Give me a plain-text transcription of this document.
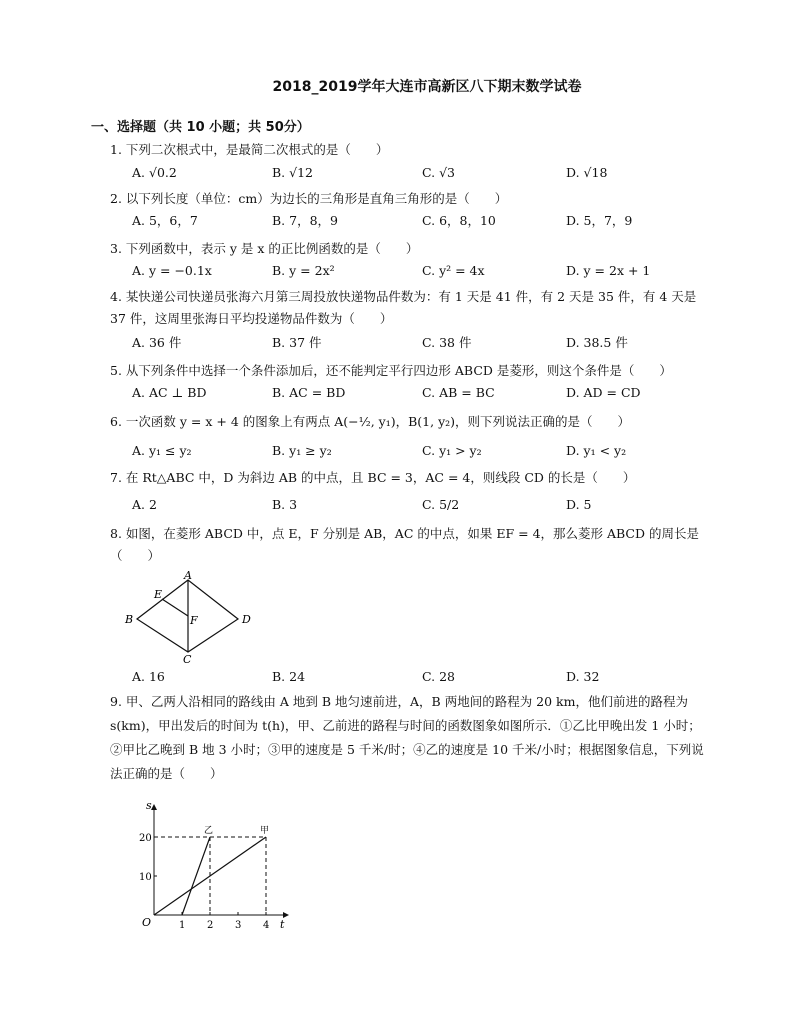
2018_2019学年大连市高新区八下期末数学试卷
一、选择题（共 10 小题；共 50分）
1. 下列二次根式中，是最简二次根式的是（　　）
A. √0.2	B. √12	C. √3	D. √18
2. 以下列长度（单位：cm）为边长的三角形是直角三角形的是（　　）
A. 5，6，7	B. 7，8，9	C. 6，8，10	D. 5，7，9
3. 下列函数中，表示 y 是 x 的正比例函数的是（　　）
A. y = −0.1x	B. y = 2x²	C. y² = 4x	D. y = 2x + 1
4. 某快递公司快递员张海六月第三周投放快递物品件数为：有 1 天是 41 件，有 2 天是 35 件，有 4 天是 37 件，这周里张海日平均投递物品件数为（　　）
A. 36 件	B. 37 件	C. 38 件	D. 38.5 件
5. 从下列条件中选择一个条件添加后，还不能判定平行四边形 ABCD 是菱形，则这个条件是（　　）
A. AC ⊥ BD	B. AC = BD	C. AB = BC	D. AD = CD
6. 一次函数 y = x + 4 的图象上有两点 A(−½, y₁)，B(1, y₂)，则下列说法正确的是（　　）
A. y₁ ≤ y₂	B. y₁ ≥ y₂	C. y₁ > y₂	D. y₁ < y₂
7. 在 Rt△ABC 中，D 为斜边 AB 的中点，且 BC = 3，AC = 4，则线段 CD 的长是（　　）
A. 2	B. 3	C. 5/2	D. 5
8. 如图，在菱形 ABCD 中，点 E，F 分别是 AB，AC 的中点，如果 EF = 4，那么菱形 ABCD 的周长是（　　）
A
B
C
D
E
F
A. 16	B. 24	C. 28	D. 32
9. 甲、乙两人沿相同的路线由 A 地到 B 地匀速前进，A，B 两地间的路程为 20 km，他们前进的路程为 s(km)，甲出发后的时间为 t(h)，甲、乙前进的路程与时间的函数图象如图所示．①乙比甲晚出发 1 小时；②甲比乙晚到 B 地 3 小时；③甲的速度是 5 千米/时；④乙的速度是 10 千米/小时；根据图象信息，下列说法正确的是（　　）
1 2 3 4
10
20
乙	甲
s
t
O
